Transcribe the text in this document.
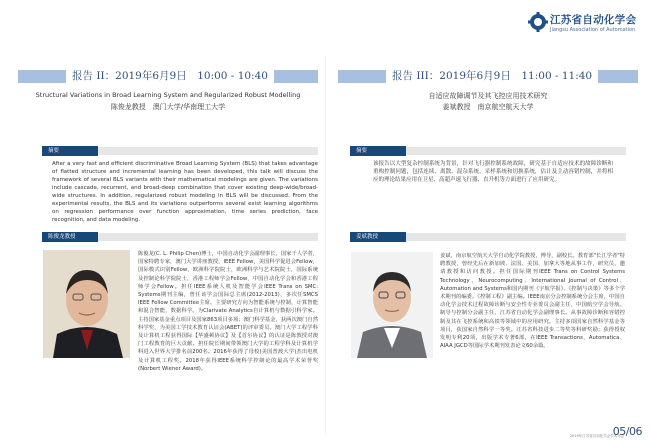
江苏省自动化学会
Jiangsu Association of Automation
报告 II：2019年6月9日　10:00 - 10:40
Structural Variations in Broad Learning System and Regularized Robust Modelling
陈俊龙教授　澳门大学/华南理工大学
摘要
After a very fast and efficient discriminative Broad Learning System (BLS) that takes advantage of flatted structure and incremental learning has been developed, this talk will discuss the framework of several BLS variants with their mathematical modelings are given. The variations include cascade, recurrent, and broad-deep combination that cover existing deep-wide/broad-wide structures. In addition, regularized robust modeling in BLS will be discussed. From the experimental results, the BLS and its variations outperforms several exist learning algorithms on regression performance over function approximation, time series prediction, face recognition, and data modeling.
陈俊龙教授
陈俊龙(C. L. Philip Chen)博士，中国自动化学会副理事长，国家千人学者，国家特聘专家，澳门大学讲座教授，IEEE Fellow，美国科学促进会Fellow，国际模式识别Fellow，欧洲科学院院士，欧洲科学与艺术院院士，国际系统及控制论科学院院士，香港工程师学会Fellow，中国自动化学会和香港工程师学会Fellow。担任IEEE系统人机及智能学会IEEE Trans on SMC: Systems期刊主编，曾任该学会国际总主席(2012-2013)，多次任SMCS IEEE Fellow Committee主席。主要研究方向为智能系统与控制，计算智能和混合智能，数据科学。为Clarivate Analytics自计算机与数据引科学家。主持国家基金重点项目及国家863项目多项；澳门科学基金，获两次澳门自然科学奖，为美国工学技术教育认证会(ABET)的评审委员。澳门大学工程学科及计算机工程获得国际【华盛顿协议】及【首尔协议】的认证是陈教授对澳门工程教育的巨大贡献。担任院长期间带领澳门大学的工程学科及计算机学科进入世界大学排名前200名。2016年获得了母校(美国普渡大学)杰出电机及计算机工程奖。2018年获得IEEE系统科学控制论的最高学术荣誉奖(Norbert Wiener Award)。
报告 III：2019年6月9日　11:00 - 11:40
自适应故障调节及其飞控应用技术研究
姜斌教授　南京航空航天大学
摘要
该报告以大型复杂控制系统为背景，针对飞行器控制系统故障，研究基于自适应技术的故障诊断和重构控制问题，包括连续、离散、混杂系统，采样系统和切换系统，估计及主动容错控制，并将相应的理论结果应用在卫星、高超声速飞行器、直升机等方面进行了应用研究。
姜斌教授
姜斌，南京航空航天大学自动化学院教授，博导，副校长。教育部"长江学者"特聘教授，曾经先后在新加坡、法国、美国、加拿大等地从事工作，研究员，邀请教授和访问教授。担任国际期刊IEEE Trans on Control Systems Technology、Neurocomputing、International Journal of Control、Automation and Systems和国内期刊《宇航学报》、《控制与决策》等多个学术期刊的编委。《控制工程》副主编。IEEE南京分会控制系统分会主席，中国自动化学会技术过程故障诊断与安全性专业委员会副主任，中国航空学会导航、制导与控制分会副主任，江苏省自动化学会副理事长。从事故障诊断和容错控制及其在飞控系统和高铁等领域中的应用研究。主持多项国家自然科学基金等项目，获国家自然科学一等奖。江苏省科技进步二等奖等科研奖励；获得授权发明专利20项，出版学术专著6部，在IEEE Transactions、Automatica、AIAA JGCD等国际学术期刊发表论文60余篇。
2019年江苏省自动化学会学术年会05/06
